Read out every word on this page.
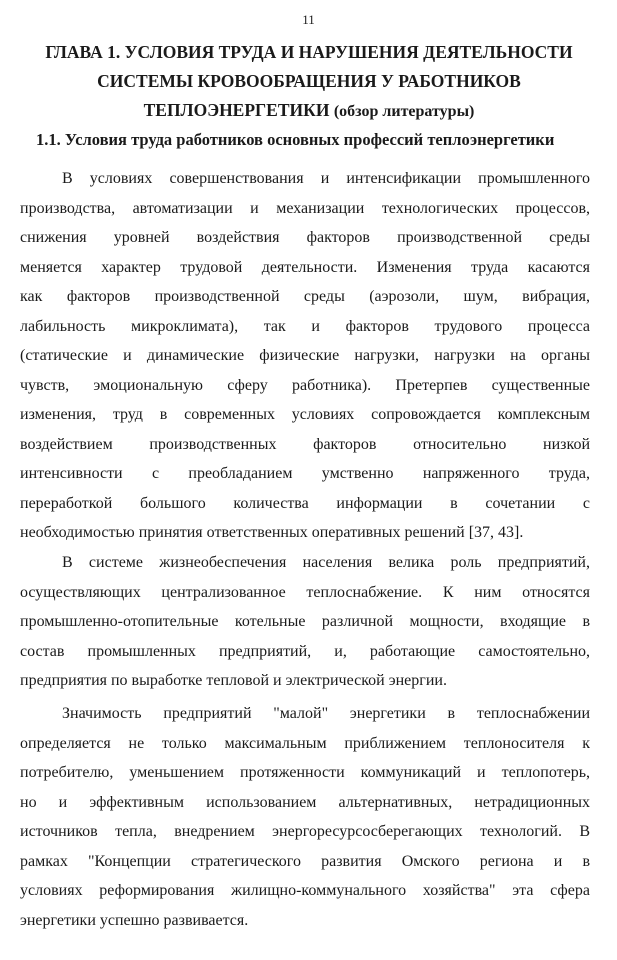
11
ГЛАВА 1. УСЛОВИЯ ТРУДА И НАРУШЕНИЯ ДЕЯТЕЛЬНОСТИ
СИСТЕМЫ КРОВООБРАЩЕНИЯ У РАБОТНИКОВ
ТЕПЛОЭНЕРГЕТИКИ (обзор литературы)
1.1. Условия труда работников основных профессий теплоэнергетики
В условиях совершенствования и интенсификации промышленного
производства, автоматизации и механизации технологических процессов,
снижения уровней воздействия факторов производственной среды
меняется характер трудовой деятельности. Изменения труда касаются
как факторов производственной среды (аэрозоли, шум, вибрация,
лабильность микроклимата), так и факторов трудового процесса
(статические и динамические физические нагрузки, нагрузки на органы
чувств, эмоциональную сферу работника). Претерпев существенные
изменения, труд в современных условиях сопровождается комплексным
воздействием производственных факторов относительно низкой
интенсивности с преобладанием умственно напряженного труда,
переработкой большого количества информации в сочетании с
необходимостью принятия ответственных оперативных решений [37, 43].
В системе жизнеобеспечения населения велика роль предприятий,
осуществляющих централизованное теплоснабжение. К ним относятся
промышленно-отопительные котельные различной мощности, входящие в
состав промышленных предприятий, и, работающие самостоятельно,
предприятия по выработке тепловой и электрической энергии.
Значимость предприятий "малой" энергетики в теплоснабжении
определяется не только максимальным приближением теплоносителя к
потребителю, уменьшением протяженности коммуникаций и теплопотерь,
но и эффективным использованием альтернативных, нетрадиционных
источников тепла, внедрением энергоресурсосберегающих технологий. В
рамках "Концепции стратегического развития Омского региона и в
условиях реформирования жилищно-коммунального хозяйства" эта сфера
энергетики успешно развивается.
